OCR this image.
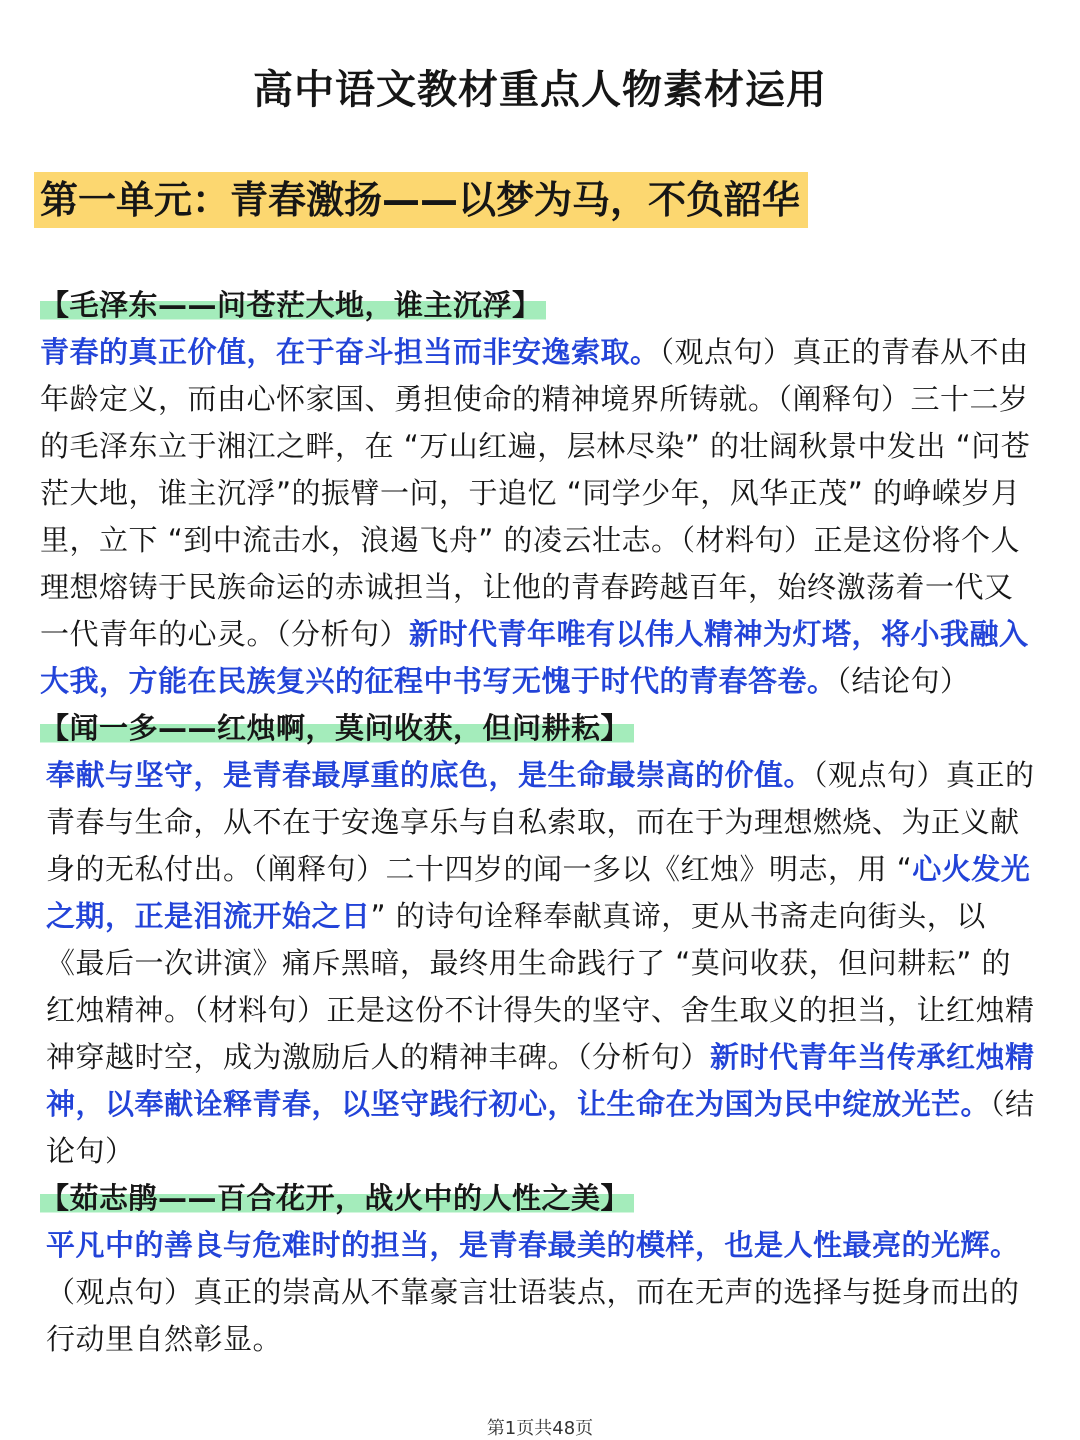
高中语文教材重点人物素材运用
第一单元：青春激扬——以梦为马，不负韶华
【毛泽东——问苍茫大地，谁主沉浮】

青春的真正价值，在于奋斗担当而非安逸索取。（观点句）真正的青春从不由年龄定义，而由心怀家国、勇担使命的精神境界所铸就。（阐释句）三十二岁的毛泽东立于湘江之畔，在 “万山红遍，层林尽染” 的壮阔秋景中发出 “问苍茫大地，谁主沉浮”的振臂一问，于追忆 “同学少年，风华正茂” 的峥嵘岁月里，立下 “到中流击水，浪遏飞舟” 的凌云壮志。（材料句）正是这份将个人理想熔铸于民族命运的赤诚担当，让他的青春跨越百年，始终激荡着一代又一代青年的心灵。（分析句）新时代青年唯有以伟人精神为灯塔，将小我融入大我，方能在民族复兴的征程中书写无愧于时代的青春答卷。（结论句）

【闻一多——红烛啊，莫问收获，但问耕耘】

奉献与坚守，是青春最厚重的底色，是生命最崇高的价值。（观点句）真正的青春与生命，从不在于安逸享乐与自私索取，而在于为理想燃烧、为正义献身的无私付出。（阐释句）二十四岁的闻一多以《红烛》明志，用 “心火发光之期，正是泪流开始之日” 的诗句诠释奉献真谛，更从书斋走向街头，以《最后一次讲演》痛斥黑暗，最终用生命践行了 “莫问收获，但问耕耘” 的红烛精神。（材料句）正是这份不计得失的坚守、舍生取义的担当，让红烛精神穿越时空，成为激励后人的精神丰碑。（分析句）新时代青年当传承红烛精神，以奉献诠释青春，以坚守践行初心，让生命在为国为民中绽放光芒。（结论句）

【茹志鹃——百合花开，战火中的人性之美】

平凡中的善良与危难时的担当，是青春最美的模样，也是人性最亮的光辉。（观点句）真正的崇高从不靠豪言壮语装点，而在无声的选择与挺身而出的行动里自然彰显。

第1页共48页
